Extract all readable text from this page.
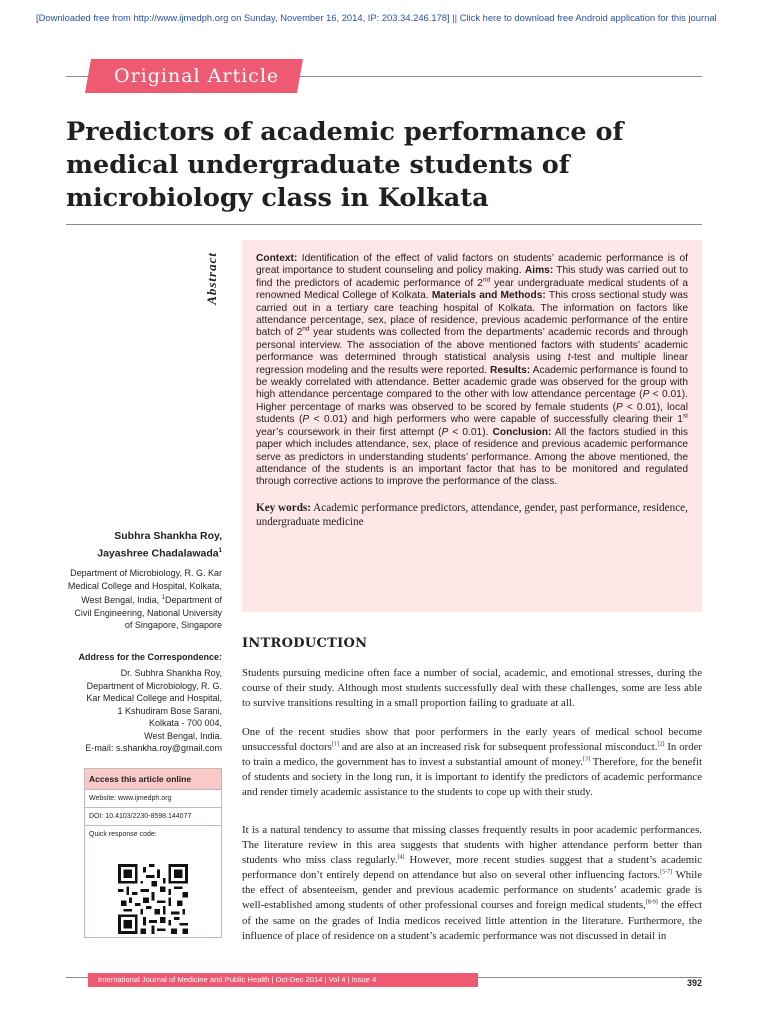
[Downloaded free from http://www.ijmedph.org on Sunday, November 16, 2014, IP: 203.34.246.178] || Click here to download free Android application for this journal
Original Article
Predictors of academic performance of medical undergraduate students of microbiology class in Kolkata
Abstract	Context: Identification of the effect of valid factors on students’ academic performance is of great importance to student counseling and policy making. Aims: This study was carried out to find the predictors of academic performance of 2nd year undergraduate medical students of a renowned Medical College of Kolkata. Materials and Methods: This cross sectional study was carried out in a tertiary care teaching hospital of Kolkata. The information on factors like attendance percentage, sex, place of residence, previous academic performance of the entire batch of 2nd year students was collected from the departments’ academic records and through personal interview. The association of the above mentioned factors with students’ academic performance was determined through statistical analysis using t-test and multiple linear regression modeling and the results were reported. Results: Academic performance is found to be weakly correlated with attendance. Better academic grade was observed for the group with high attendance percentage compared to the other with low attendance percentage (P < 0.01). Higher percentage of marks was observed to be scored by female students (P < 0.01), local students (P < 0.01) and high performers who were capable of successfully clearing their 1st year’s coursework in their first attempt (P < 0.01). Conclusion: All the factors studied in this paper which includes attendance, sex, place of residence and previous academic performance serve as predictors in understanding students’ performance. Among the above mentioned, the attendance of the students is an important factor that has to be monitored and regulated through corrective actions to improve the performance of the class.
Key words: Academic performance predictors, attendance, gender, past performance, residence, undergraduate medicine
Subhra Shankha Roy,
Jayashree Chadalawada$^1$
Department of Microbiology, R. G. Kar Medical College and Hospital, Kolkata, West Bengal, India, $^1$Department of Civil Engineering, National University of Singapore, Singapore
Address for the Correspondence:
Dr. Subhra Shankha Roy,
Department of Microbiology, R. G.
Kar Medical College and Hospital,
1 Kshudiram Bose Sarani,
Kolkata - 700 004,
West Bengal, India.
E-mail: s.shankha.roy@gmail.com
Access this article online
Website: www.ijmedph.org
DOI: 10.4103/2230-8598.144077
Quick response code:
INTRODUCTION

Students pursuing medicine often face a number of social, academic, and emotional stresses, during the course of their study. Although most students successfully deal with these challenges, some are less able to survive transitions resulting in a small proportion failing to graduate at all.

One of the recent studies show that poor performers in the early years of medical school become unsuccessful doctors[1] and are also at an increased risk for subsequent professional misconduct.[2] In order to train a medico, the government has to invest a substantial amount of money.[3] Therefore, for the benefit of students and society in the long run, it is important to identify the predictors of academic performance and render timely academic assistance to the students to cope up with their study.

It is a natural tendency to assume that missing classes frequently results in poor academic performances. The literature review in this area suggests that students with higher attendance perform better than students who miss class regularly.[4] However, more recent studies suggest that a student’s academic performance don’t entirely depend on attendance but also on several other influencing factors.[5-7] While the effect of absenteeism, gender and previous academic performance on students’ academic grade is well-established among students of other professional courses and foreign medical students,[8-9] the effect of the same on the grades of India medicos received little attention in the literature. Furthermore, the influence of place of residence on a student’s academic performance was not discussed in detail in

International Journal of Medicine and Public Health | Oct-Dec 2014 | Vol 4 | Issue 4	392
